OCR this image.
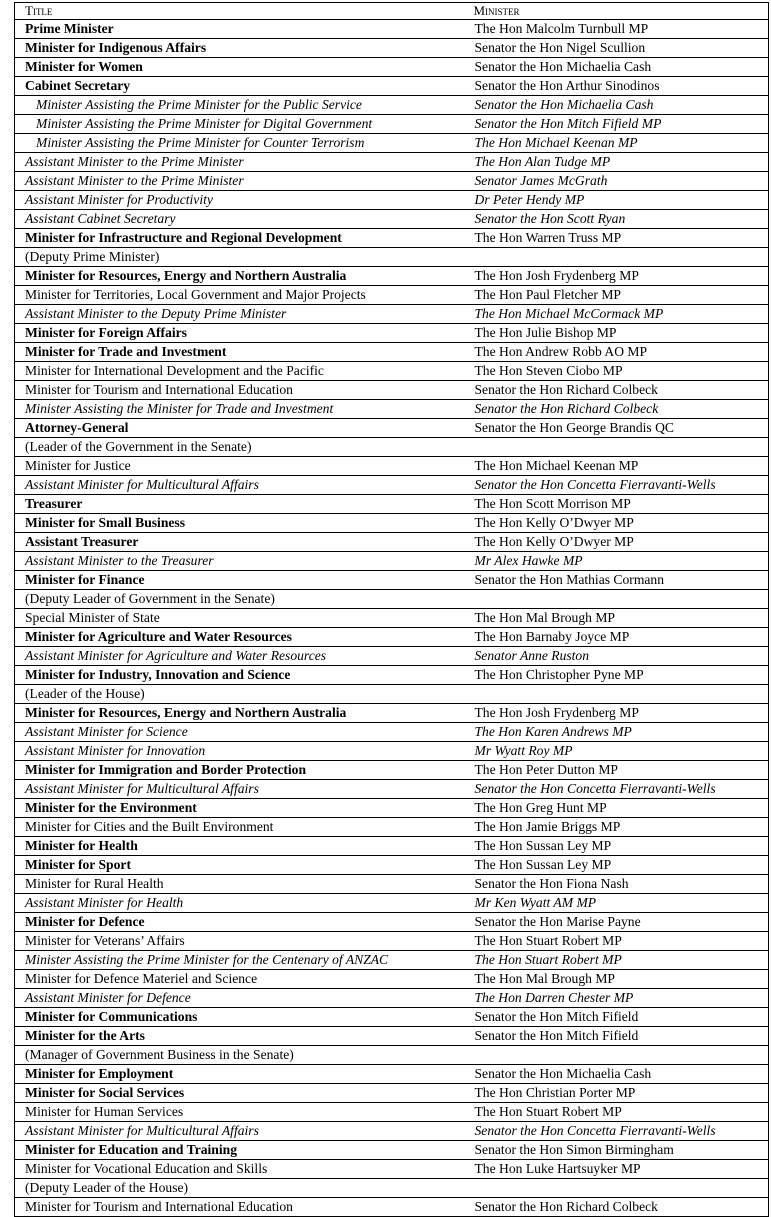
Title	Minister
Prime Minister	The Hon Malcolm Turnbull MP
Minister for Indigenous Affairs	Senator the Hon Nigel Scullion
Minister for Women	Senator the Hon Michaelia Cash
Cabinet Secretary	Senator the Hon Arthur Sinodinos
Minister Assisting the Prime Minister for the Public Service	Senator the Hon Michaelia Cash
Minister Assisting the Prime Minister for Digital Government	Senator the Hon Mitch Fifield MP
Minister Assisting the Prime Minister for Counter Terrorism	The Hon Michael Keenan MP
Assistant Minister to the Prime Minister	The Hon Alan Tudge MP
Assistant Minister to the Prime Minister	Senator James McGrath
Assistant Minister for Productivity	Dr Peter Hendy MP
Assistant Cabinet Secretary	Senator the Hon Scott Ryan
Minister for Infrastructure and Regional Development	The Hon Warren Truss MP
(Deputy Prime Minister)	
Minister for Resources, Energy and Northern Australia	The Hon Josh Frydenberg MP
Minister for Territories, Local Government and Major Projects	The Hon Paul Fletcher MP
Assistant Minister to the Deputy Prime Minister	The Hon Michael McCormack MP
Minister for Foreign Affairs	The Hon Julie Bishop MP
Minister for Trade and Investment	The Hon Andrew Robb AO MP
Minister for International Development and the Pacific	The Hon Steven Ciobo MP
Minister for Tourism and International Education	Senator the Hon Richard Colbeck
Minister Assisting the Minister for Trade and Investment	Senator the Hon Richard Colbeck
Attorney-General	Senator the Hon George Brandis QC
(Leader of the Government in the Senate)	
Minister for Justice	The Hon Michael Keenan MP
Assistant Minister for Multicultural Affairs	Senator the Hon Concetta Fierravanti-Wells
Treasurer	The Hon Scott Morrison MP
Minister for Small Business	The Hon Kelly O’Dwyer MP
Assistant Treasurer	The Hon Kelly O’Dwyer MP
Assistant Minister to the Treasurer	Mr Alex Hawke MP
Minister for Finance	Senator the Hon Mathias Cormann
(Deputy Leader of Government in the Senate)	
Special Minister of State	The Hon Mal Brough MP
Minister for Agriculture and Water Resources	The Hon Barnaby Joyce MP
Assistant Minister for Agriculture and Water Resources	Senator Anne Ruston
Minister for Industry, Innovation and Science	The Hon Christopher Pyne MP
(Leader of the House)	
Minister for Resources, Energy and Northern Australia	The Hon Josh Frydenberg MP
Assistant Minister for Science	The Hon Karen Andrews MP
Assistant Minister for Innovation	Mr Wyatt Roy MP
Minister for Immigration and Border Protection	The Hon Peter Dutton MP
Assistant Minister for Multicultural Affairs	Senator the Hon Concetta Fierravanti-Wells
Minister for the Environment	The Hon Greg Hunt MP
Minister for Cities and the Built Environment	The Hon Jamie Briggs MP
Minister for Health	The Hon Sussan Ley MP
Minister for Sport	The Hon Sussan Ley MP
Minister for Rural Health	Senator the Hon Fiona Nash
Assistant Minister for Health	Mr Ken Wyatt AM MP
Minister for Defence	Senator the Hon Marise Payne
Minister for Veterans’ Affairs	The Hon Stuart Robert MP
Minister Assisting the Prime Minister for the Centenary of ANZAC	The Hon Stuart Robert MP
Minister for Defence Materiel and Science	The Hon Mal Brough MP
Assistant Minister for Defence	The Hon Darren Chester MP
Minister for Communications	Senator the Hon Mitch Fifield
Minister for the Arts	Senator the Hon Mitch Fifield
(Manager of Government Business in the Senate)	
Minister for Employment	Senator the Hon Michaelia Cash
Minister for Social Services	The Hon Christian Porter MP
Minister for Human Services	The Hon Stuart Robert MP
Assistant Minister for Multicultural Affairs	Senator the Hon Concetta Fierravanti-Wells
Minister for Education and Training	Senator the Hon Simon Birmingham
Minister for Vocational Education and Skills	The Hon Luke Hartsuyker MP
(Deputy Leader of the House)	
Minister for Tourism and International Education	Senator the Hon Richard Colbeck
